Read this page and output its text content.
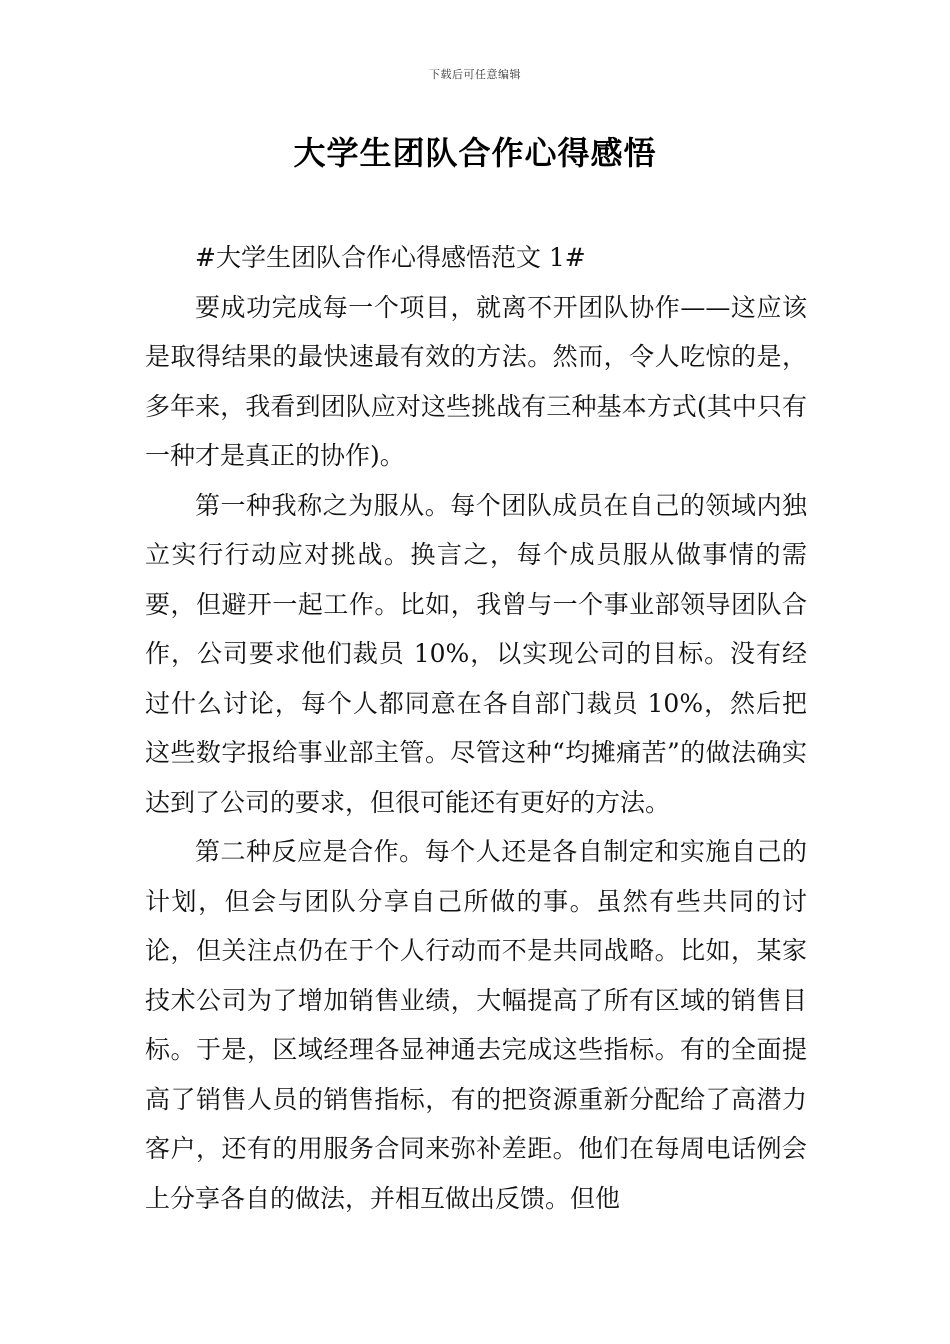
下载后可任意编辑
大学生团队合作心得感悟

#大学生团队合作心得感悟范文 1#

要成功完成每一个项目，就离不开团队协作——这应该是取得结果的最快速最有效的方法。然而，令人吃惊的是，多年来，我看到团队应对这些挑战有三种基本方式(其中只有一种才是真正的协作)。

第一种我称之为服从。每个团队成员在自己的领域内独立实行行动应对挑战。换言之，每个成员服从做事情的需要，但避开一起工作。比如，我曾与一个事业部领导团队合作，公司要求他们裁员 10%，以实现公司的目标。没有经过什么讨论，每个人都同意在各自部门裁员 10%，然后把这些数字报给事业部主管。尽管这种“均摊痛苦”的做法确实达到了公司的要求，但很可能还有更好的方法。

第二种反应是合作。每个人还是各自制定和实施自己的计划，但会与团队分享自己所做的事。虽然有些共同的讨论，但关注点仍在于个人行动而不是共同战略。比如，某家技术公司为了增加销售业绩，大幅提高了所有区域的销售目标。于是，区域经理各显神通去完成这些指标。有的全面提高了销售人员的销售指标，有的把资源重新分配给了高潜力客户，还有的用服务合同来弥补差距。他们在每周电话例会上分享各自的做法，并相互做出反馈。但他
